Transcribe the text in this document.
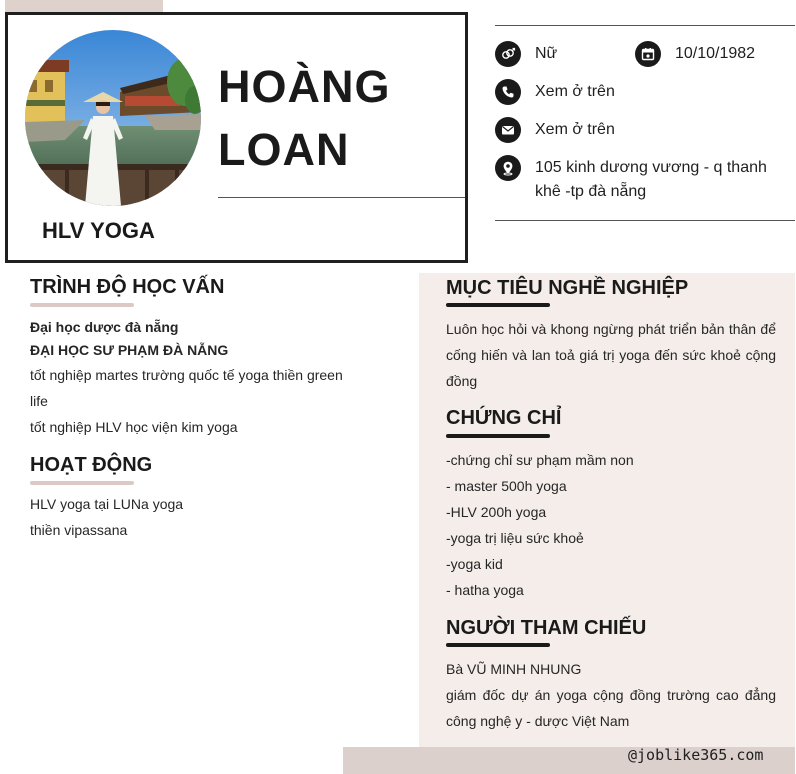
HOÀNG
LOAN
HLV YOGA
Nữ	10/10/1982
Xem ở trên
Xem ở trên
105 kinh dương vương - q thanh khê -tp đà nẵng
@joblike365.com
TRÌNH ĐỘ HỌC VẤN
Đại học dược đà nẵng
ĐẠI HỌC SƯ PHẠM ĐÀ NẴNG
tốt nghiệp martes trường quốc tế yoga thiền green life
tốt nghiệp HLV học viện kim yoga
HOẠT ĐỘNG
HLV yoga tại LUNa yoga
thiền vipassana
MỤC TIÊU NGHỀ NGHIỆP
Luôn học hỏi và khong ngừng phát triển bản thân để cống hiến và lan toả giá trị yoga đến sức khoẻ cộng đồng
CHỨNG CHỈ
-chứng chỉ sư phạm mầm non
- master 500h yoga
-HLV 200h yoga
-yoga trị liệu sức khoẻ
-yoga kid
- hatha yoga
NGƯỜI THAM CHIẾU
Bà VŨ MINH NHUNG
giám đốc dự án yoga cộng đồng trường cao đẳng công nghệ y - dược Việt Nam
